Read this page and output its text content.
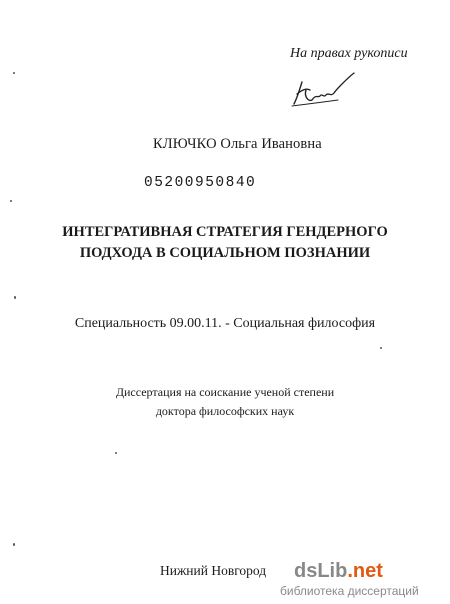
На правах рукописи
КЛЮЧКО Ольга Ивановна
05200950840
ИНТЕГРАТИВНАЯ СТРАТЕГИЯ ГЕНДЕРНОГО
ПОДХОДА В СОЦИАЛЬНОМ ПОЗНАНИИ
Специальность 09.00.11. - Социальная философия
Диссертация на соискание ученой степени
доктора философских наук
Нижний Новгород dsLib.net
библиотека диссертаций
